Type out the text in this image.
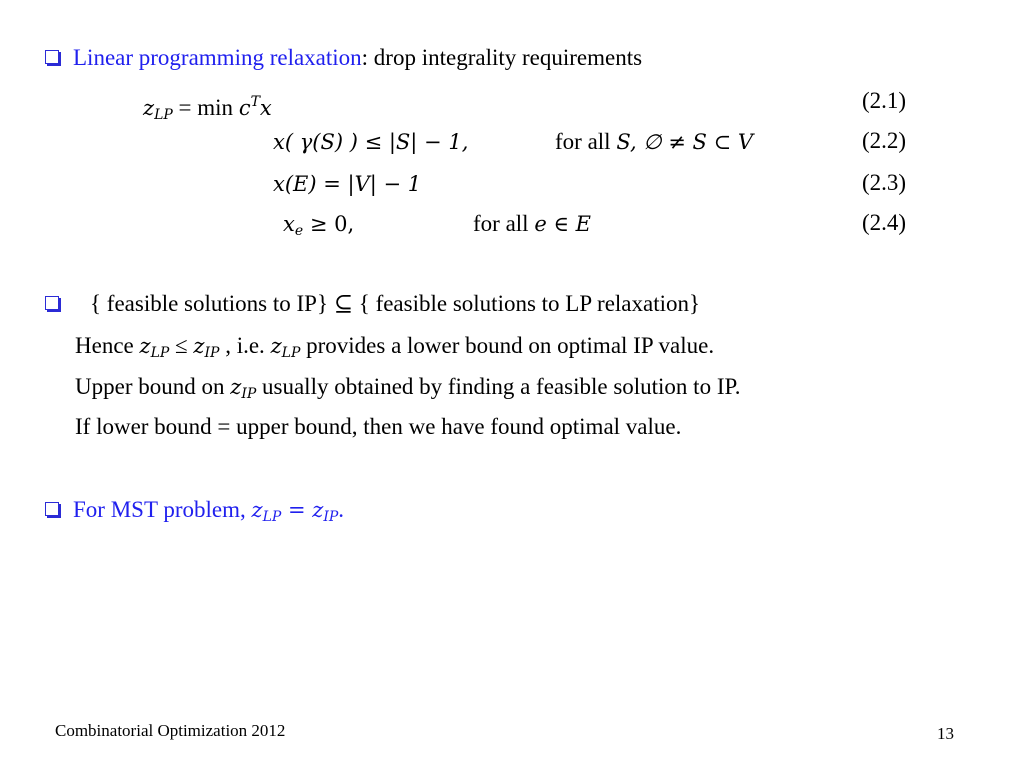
Linear programming relaxation: drop integrality requirements
$z_{LP} = \min c^Tx$	(2.1)
x( γ(S) ) ≤ |S| − 1,	for all S, ∅ ≠ S ⊂ V	(2.2)
x(E) = |V| − 1	(2.3)
$x_e \ge 0$,	for all e ∈ E	(2.4)
{ feasible solutions to IP} ⊆ { feasible solutions to LP relaxation}
Hence $z_{LP} \le z_{IP}$ , i.e. $z_{LP}$ provides a lower bound on optimal IP value.
Upper bound on $z_{IP}$ usually obtained by finding a feasible solution to IP.
If lower bound = upper bound, then we have found optimal value.
For MST problem, $z_{LP} = z_{IP}$.
Combinatorial Optimization 2012	13
